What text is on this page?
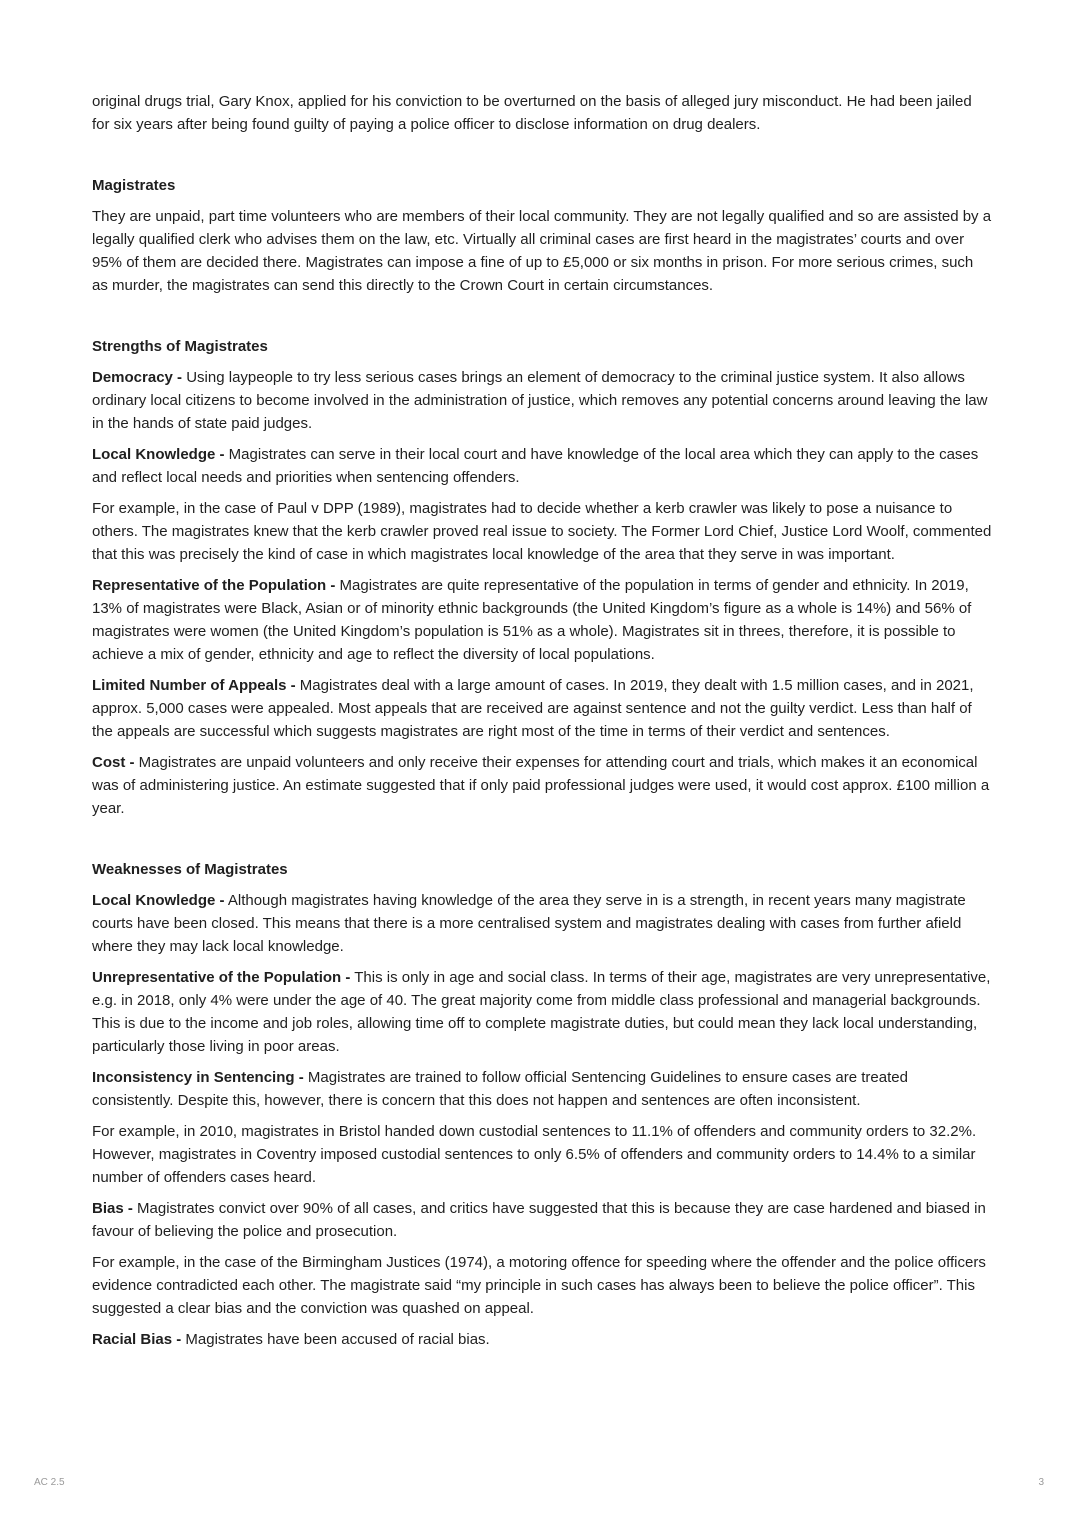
original drugs trial, Gary Knox, applied for his conviction to be overturned on the basis of alleged jury misconduct. He had been jailed for six years after being found guilty of paying a police officer to disclose information on drug dealers.

Magistrates

They are unpaid, part time volunteers who are members of their local community. They are not legally qualified and so are assisted by a legally qualified clerk who advises them on the law, etc. Virtually all criminal cases are first heard in the magistrates’ courts and over 95% of them are decided there. Magistrates can impose a fine of up to £5,000 or six months in prison. For more serious crimes, such as murder, the magistrates can send this directly to the Crown Court in certain circumstances.

Strengths of Magistrates

Democracy - Using laypeople to try less serious cases brings an element of democracy to the criminal justice system. It also allows ordinary local citizens to become involved in the administration of justice, which removes any potential concerns around leaving the law in the hands of state paid judges.

Local Knowledge - Magistrates can serve in their local court and have knowledge of the local area which they can apply to the cases and reflect local needs and priorities when sentencing offenders.

For example, in the case of Paul v DPP (1989), magistrates had to decide whether a kerb crawler was likely to pose a nuisance to others. The magistrates knew that the kerb crawler proved real issue to society. The Former Lord Chief, Justice Lord Woolf, commented that this was precisely the kind of case in which magistrates local knowledge of the area that they serve in was important.

Representative of the Population - Magistrates are quite representative of the population in terms of gender and ethnicity. In 2019, 13% of magistrates were Black, Asian or of minority ethnic backgrounds (the United Kingdom’s figure as a whole is 14%) and 56% of magistrates were women (the United Kingdom’s population is 51% as a whole). Magistrates sit in threes, therefore, it is possible to achieve a mix of gender, ethnicity and age to reflect the diversity of local populations.

Limited Number of Appeals - Magistrates deal with a large amount of cases. In 2019, they dealt with 1.5 million cases, and in 2021, approx. 5,000 cases were appealed. Most appeals that are received are against sentence and not the guilty verdict. Less than half of the appeals are successful which suggests magistrates are right most of the time in terms of their verdict and sentences.

Cost - Magistrates are unpaid volunteers and only receive their expenses for attending court and trials, which makes it an economical was of administering justice. An estimate suggested that if only paid professional judges were used, it would cost approx. £100 million a year.

Weaknesses of Magistrates

Local Knowledge - Although magistrates having knowledge of the area they serve in is a strength, in recent years many magistrate courts have been closed. This means that there is a more centralised system and magistrates dealing with cases from further afield where they may lack local knowledge.

Unrepresentative of the Population - This is only in age and social class. In terms of their age, magistrates are very unrepresentative, e.g. in 2018, only 4% were under the age of 40. The great majority come from middle class professional and managerial backgrounds. This is due to the income and job roles, allowing time off to complete magistrate duties, but could mean they lack local understanding, particularly those living in poor areas.

Inconsistency in Sentencing - Magistrates are trained to follow official Sentencing Guidelines to ensure cases are treated consistently. Despite this, however, there is concern that this does not happen and sentences are often inconsistent.

For example, in 2010, magistrates in Bristol handed down custodial sentences to 11.1% of offenders and community orders to 32.2%. However, magistrates in Coventry imposed custodial sentences to only 6.5% of offenders and community orders to 14.4% to a similar number of offenders cases heard.

Bias - Magistrates convict over 90% of all cases, and critics have suggested that this is because they are case hardened and biased in favour of believing the police and prosecution.

For example, in the case of the Birmingham Justices (1974), a motoring offence for speeding where the offender and the police officers evidence contradicted each other. The magistrate said “my principle in such cases has always been to believe the police officer”. This suggested a clear bias and the conviction was quashed on appeal.

Racial Bias - Magistrates have been accused of racial bias.

AC 2.5	3
